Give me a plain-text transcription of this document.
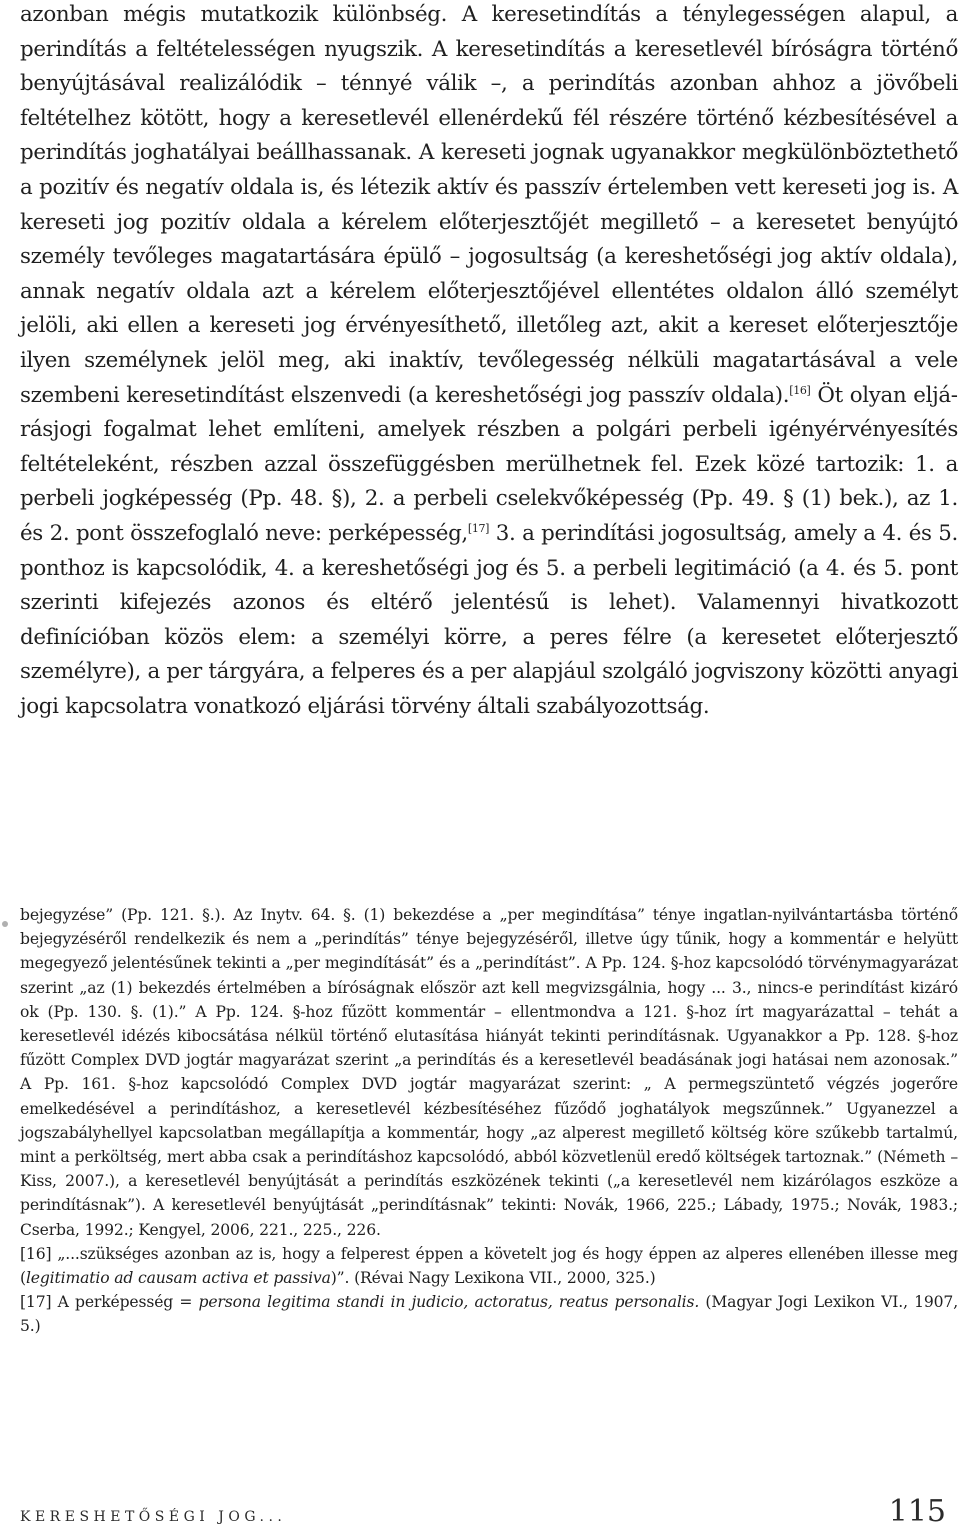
azonban mégis mutatkozik különbség. A keresetindítás a ténylegességen alapul, a perindítás a feltételességen nyugszik. A keresetindítás a keresetlevél bíróságra történő benyújtásával realizálódik – ténnyé válik –, a perindítás azonban ahhoz a jövőbeli feltételhez kötött, hogy a keresetlevél ellenérdekű fél részére történő kézbesítésével a perindítás joghatályai beállhassanak. A kereseti jognak ugyanakkor megkülönböztethető a pozitív és negatív oldala is, és létezik aktív és passzív értelemben vett kereseti jog is. A kereseti jog pozitív oldala a kérelem előterjesztőjét megillető – a keresetet benyújtó személy tevőleges magatartására épülő – jogosultság (a kereshetőségi jog aktív oldala), annak negatív oldala azt a kérelem előterjesztőjével ellentétes oldalon álló személyt jelöli, aki ellen a kereseti jog érvényesíthető, illetőleg azt, akit a kereset előterjesztője ilyen személynek jelöl meg, aki inaktív, tevőlegesség nélküli magatartásával a vele szembeni keresetindítást elszenvedi (a kereshetőségi jog passzív oldala).[16] Öt olyan eljárásjogi fogalmat lehet említeni, amelyek részben a polgári perbeli igényérvényesítés feltételeként, részben azzal összefüggésben merülhetnek fel. Ezek közé tartozik: 1. a perbeli jogképesség (Pp. 48. §), 2. a perbeli cselekvőképesség (Pp. 49. § (1) bek.), az 1. és 2. pont összefoglaló neve: perképesség,[17] 3. a perindítási jogosultság, amely a 4. és 5. ponthoz is kapcsolódik, 4. a kereshetőségi jog és 5. a perbeli legitimáció (a 4. és 5. pont szerinti kifejezés azonos és eltérő jelentésű is lehet). Valamennyi hivatkozott definícióban közös elem: a személyi körre, a peres félre (a keresetet előterjesztő személyre), a per tárgyára, a felperes és a per alapjául szolgáló jogviszony közötti anyagi jogi kapcsolatra vonatkozó eljárási törvény általi szabályozottság.

bejegyzése” (Pp. 121. §.). Az Inytv. 64. §. (1) bekezdése a „per megindítása” ténye ingatlan-nyilvántartásba történő bejegyzéséről rendelkezik és nem a „perindítás” ténye bejegyzéséről, illetve úgy tűnik, hogy a kommentár e helyütt megegyező jelentésűnek tekinti a „per megindítását” és a „perindítást”. A Pp. 124. §-hoz kapcsolódó törvénymagyarázat szerint „az (1) bekezdés értelmében a bíróságnak először azt kell megvizsgálnia, hogy ... 3., nincs-e perindítást kizáró ok (Pp. 130. §. (1).” A Pp. 124. §-hoz fűzött kommentár – ellentmondva a 121. §-hoz írt magyarázattal – tehát a keresetlevél idézés kibocsátása nélkül történő elutasítása hiányát tekinti perindításnak. Ugyanakkor a Pp. 128. §-hoz fűzött Complex DVD jogtár magyarázat szerint „a perindítás és a keresetlevél beadásának jogi hatásai nem azonosak.” A Pp. 161. §-hoz kapcsolódó Complex DVD jogtár magyarázat szerint: „ A permegszüntető végzés jogerőre emelkedésével a perindításhoz, a keresetlevél kézbesítéséhez fűződő joghatályok megszűnnek.” Ugyanezzel a jogszabályhellyel kapcsolatban megállapítja a kommentár, hogy „az alperest megillető költség köre szűkebb tartalmú, mint a perköltség, mert abba csak a perindításhoz kapcsolódó, abból közvetlenül eredő költségek tartoznak.” (Németh – Kiss, 2007.), a keresetlevél benyújtását a perindítás eszközének tekinti („a keresetlevél nem kizárólagos eszköze a perindításnak”). A keresetlevél benyújtását „perindításnak” tekinti: Novák, 1966, 225.; Lábady, 1975.; Novák, 1983.; Cserba, 1992.; Kengyel, 2006, 221., 225., 226.

[16] „...szükséges azonban az is, hogy a felperest éppen a követelt jog és hogy éppen az alperes ellenében illesse meg (legitimatio ad causam activa et passiva)”. (Révai Nagy Lexikona VII., 2000, 325.)

[17] A perképesség = persona legitima standi in judicio, actoratus, reatus personalis. (Magyar Jogi Lexikon VI., 1907, 5.)

KERESHETŐSÉGI JOG...	115
